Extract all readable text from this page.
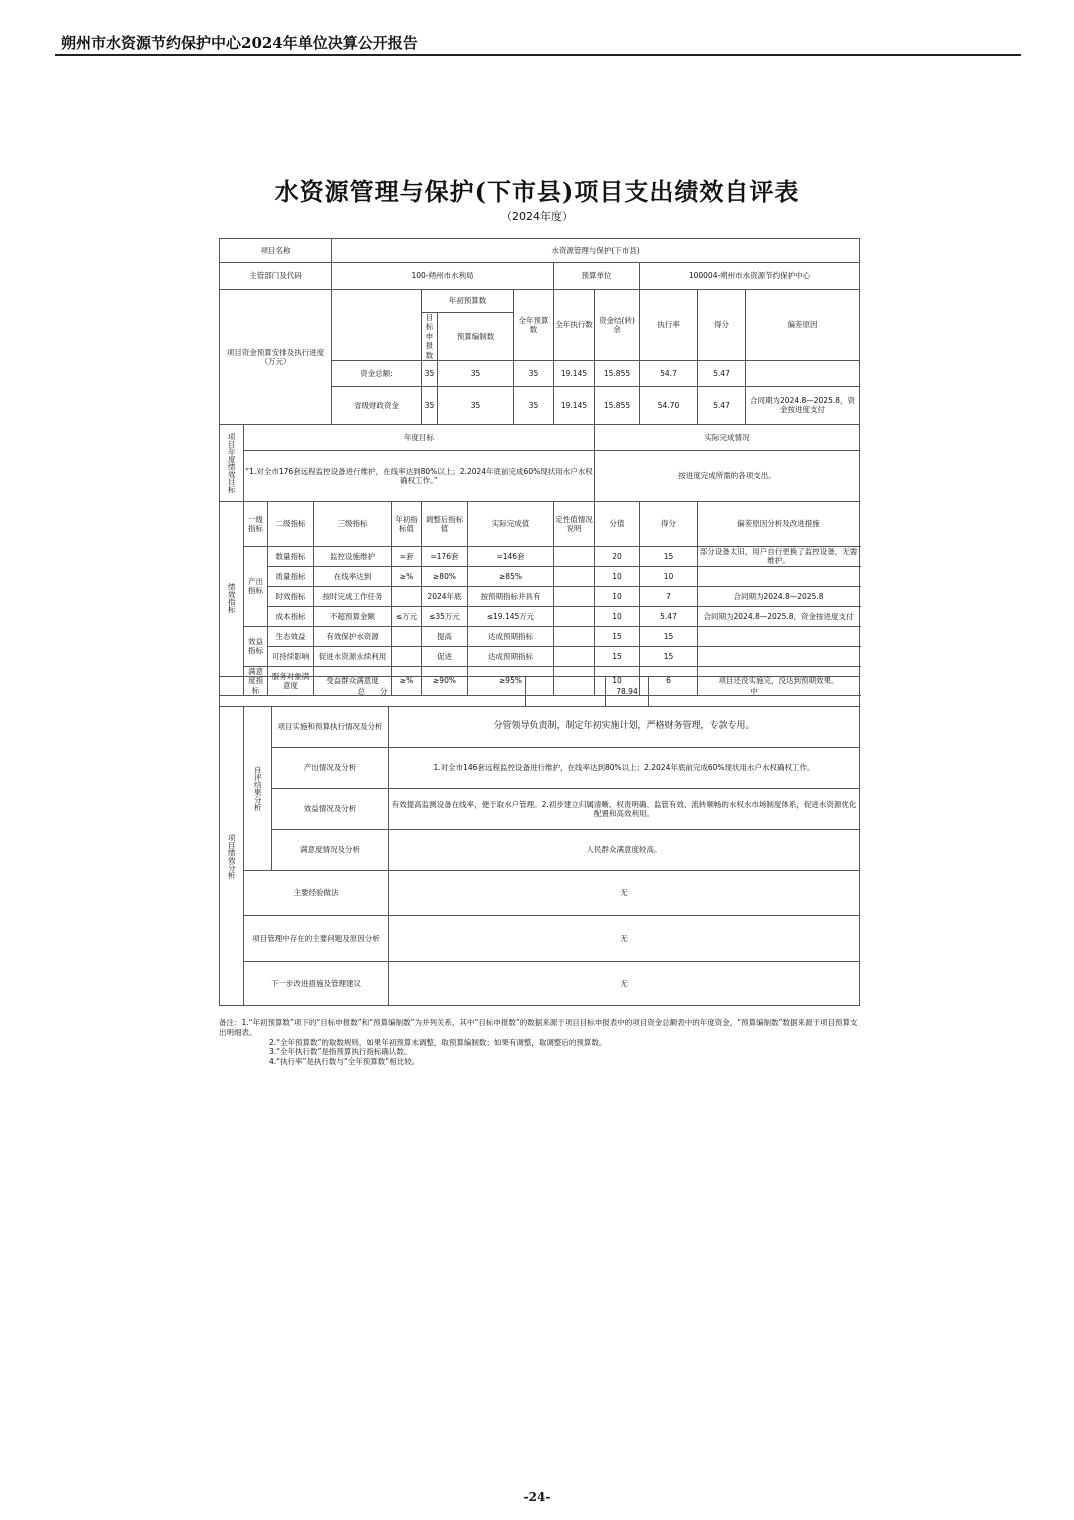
朔州市水资源节约保护中心2024年单位决算公开报告
水资源管理与保护(下市县)项目支出绩效自评表
（2024年度）
项目名称				水资源管理与保护(下市县)										
主管部门及代码				100-朔州市水利局						预算单位		100004-朔州市水资源节约保护中心		
项目资金预算安排及执行进度（万元）						年初预算数			全年预算数	全年执行数	资金结(转)余	执行率	得分	偏差原因
						目标申报数	预算编制数							
				资金总额:		35	35		35	19.145	15.855	54.7	5.47	
				省级财政资金		35	35		35	19.145	15.855	54.70	5.47	合同期为2024.8—2025.8，资金按进度支付
项目年度绩效目标	年度目标										实际完成情况			
	“1.对全市176套远程监控设备进行维护，在线率达到80%以上；2.2024年底前完成60%现状用水户水权确权工作。”										按进度完成所需的各项支出。			
绩效指标	一级指标	二级指标	三级指标		年初指标值	调整后指标值		实际完成值		定性值情况说明	分值	得分	偏差原因分析及改进措施	
	产出指标	数量指标	监控设施维护		=套	=176套		=146套			20	15	部分设备太旧，用户自行更换了监控设备，无需维护。	
		质量指标	在线率达到		≥%	≥80%		≥85%			10	10		
		时效指标	按时完成工作任务			2024年底		按预期指标并具有			10	7	合同期为2024.8—2025.8	
		成本指标	不超预算金额		≤万元	≤35万元		≤19.145万元			10	5.47	合同期为2024.8—2025.8，资金按进度支付	
	效益指标	生态效益	有效保护水资源			提高		达成预期指标			15	15		
		可持续影响	促进水资源永续利用			促进		达成预期指标			15	15		
	满意度指标	服务对象满意度	受益群众满意度		≥%	≥90%		≥95%			10	6	项目还没实施完，没达到预期效果。	
总　　分					78.94	中
项目绩效分析	自评结果分析	项目实施和预算执行情况及分析	分管领导负责制，制定年初实施计划，严格财务管理，专款专用。			
		产出情况及分析	1.对全市146套远程监控设备进行维护，在线率达到80%以上；2.2024年底前完成60%现状用水户水权确权工作。			
		效益情况及分析	有效提高监测设备在线率，便于取水户管理。2.初步建立归属清晰、权责明确、监管有效、流转顺畅的水权水市场制度体系，促进水资源优化配置和高效利用。			
		满意度情况及分析	人民群众满意度较高。			
	主要经验做法		无			
	项目管理中存在的主要问题及原因分析		无			
	下一步改进措施及管理建议		无			
备注：1.“年初预算数”项下的“目标申报数”和“预算编制数”为并列关系，其中“目标申报数”的数据来源于项目目标申报表中的项目资金总额表中的年度资金，“预算编制数”数据来源于项目预算支出明细表。
2.“全年预算数”的取数规则，如果年初预算未调整，取预算编制数；如果有调整，取调整后的预算数。
3.“全年执行数”是指预算执行指标确认数。
4.“执行率”是执行数与“全年预算数”相比较。
-24-
